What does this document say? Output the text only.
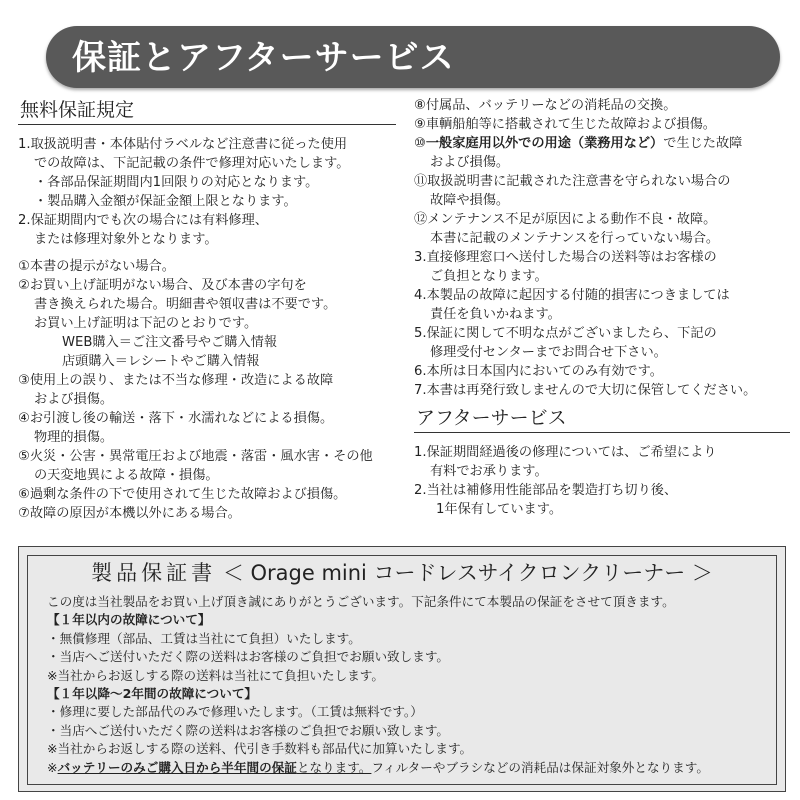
保証とアフターサービス
無料保証規定
1.取扱説明書・本体貼付ラベルなど注意書に従った使用
での故障は、下記記載の条件で修理対応いたします。
・各部品保証期間内1回限りの対応となります。
・製品購入金額が保証金額上限となります。
2.保証期間内でも次の場合には有料修理、
または修理対象外となります。
①本書の提示がない場合。
②お買い上げ証明がない場合、及び本書の字句を
書き換えられた場合。明細書や領収書は不要です。
お買い上げ証明は下記のとおりです。
WEB購入＝ご注文番号やご購入情報
店頭購入＝レシートやご購入情報
③使用上の誤り、または不当な修理・改造による故障
および損傷。
④お引渡し後の輸送・落下・水濡れなどによる損傷。
物理的損傷。
⑤火災・公害・異常電圧および地震・落雷・風水害・その他
の天変地異による故障・損傷。
⑥過剰な条件の下で使用されて生じた故障および損傷。
⑦故障の原因が本機以外にある場合。
⑧付属品、バッテリーなどの消耗品の交換。
⑨車輌船舶等に搭載されて生じた故障および損傷。
⑩一般家庭用以外での用途（業務用など）で生じた故障
および損傷。
⑪取扱説明書に記載された注意書を守られない場合の
故障や損傷。
⑫メンテナンス不足が原因による動作不良・故障。
本書に記載のメンテナンスを行っていない場合。
3.直接修理窓口へ送付した場合の送料等はお客様の
ご負担となります。
4.本製品の故障に起因する付随的損害につきましては
責任を負いかねます。
5.保証に関して不明な点がございましたら、下記の
修理受付センターまでお問合せ下さい。
6.本所は日本国内においてのみ有効です。
7.本書は再発行致しませんので大切に保管してください。
アフターサービス
1.保証期間経過後の修理については、ご希望により
有料でお承ります。
2.当社は補修用性能部品を製造打ち切り後、
1年保有しています。
製品保証書 ＜ Orage mini コードレスサイクロンクリーナー ＞
この度は当社製品をお買い上げ頂き誠にありがとうございます。下記条件にて本製品の保証をさせて頂きます。
【１年以内の故障について】
・無償修理（部品、工賃は当社にて負担）いたします。
・当店へご送付いただく際の送料はお客様のご負担でお願い致します。
※当社からお返しする際の送料は当社にて負担いたします。
【１年以降～2年間の故障について】
・修理に要した部品代のみで修理いたします。（工賃は無料です。）
・当店へご送付いただく際の送料はお客様のご負担でお願い致します。
※当社からお返しする際の送料、代引き手数料も部品代に加算いたします。
※バッテリーのみご購入日から半年間の保証となります。フィルターやブラシなどの消耗品は保証対象外となります。
